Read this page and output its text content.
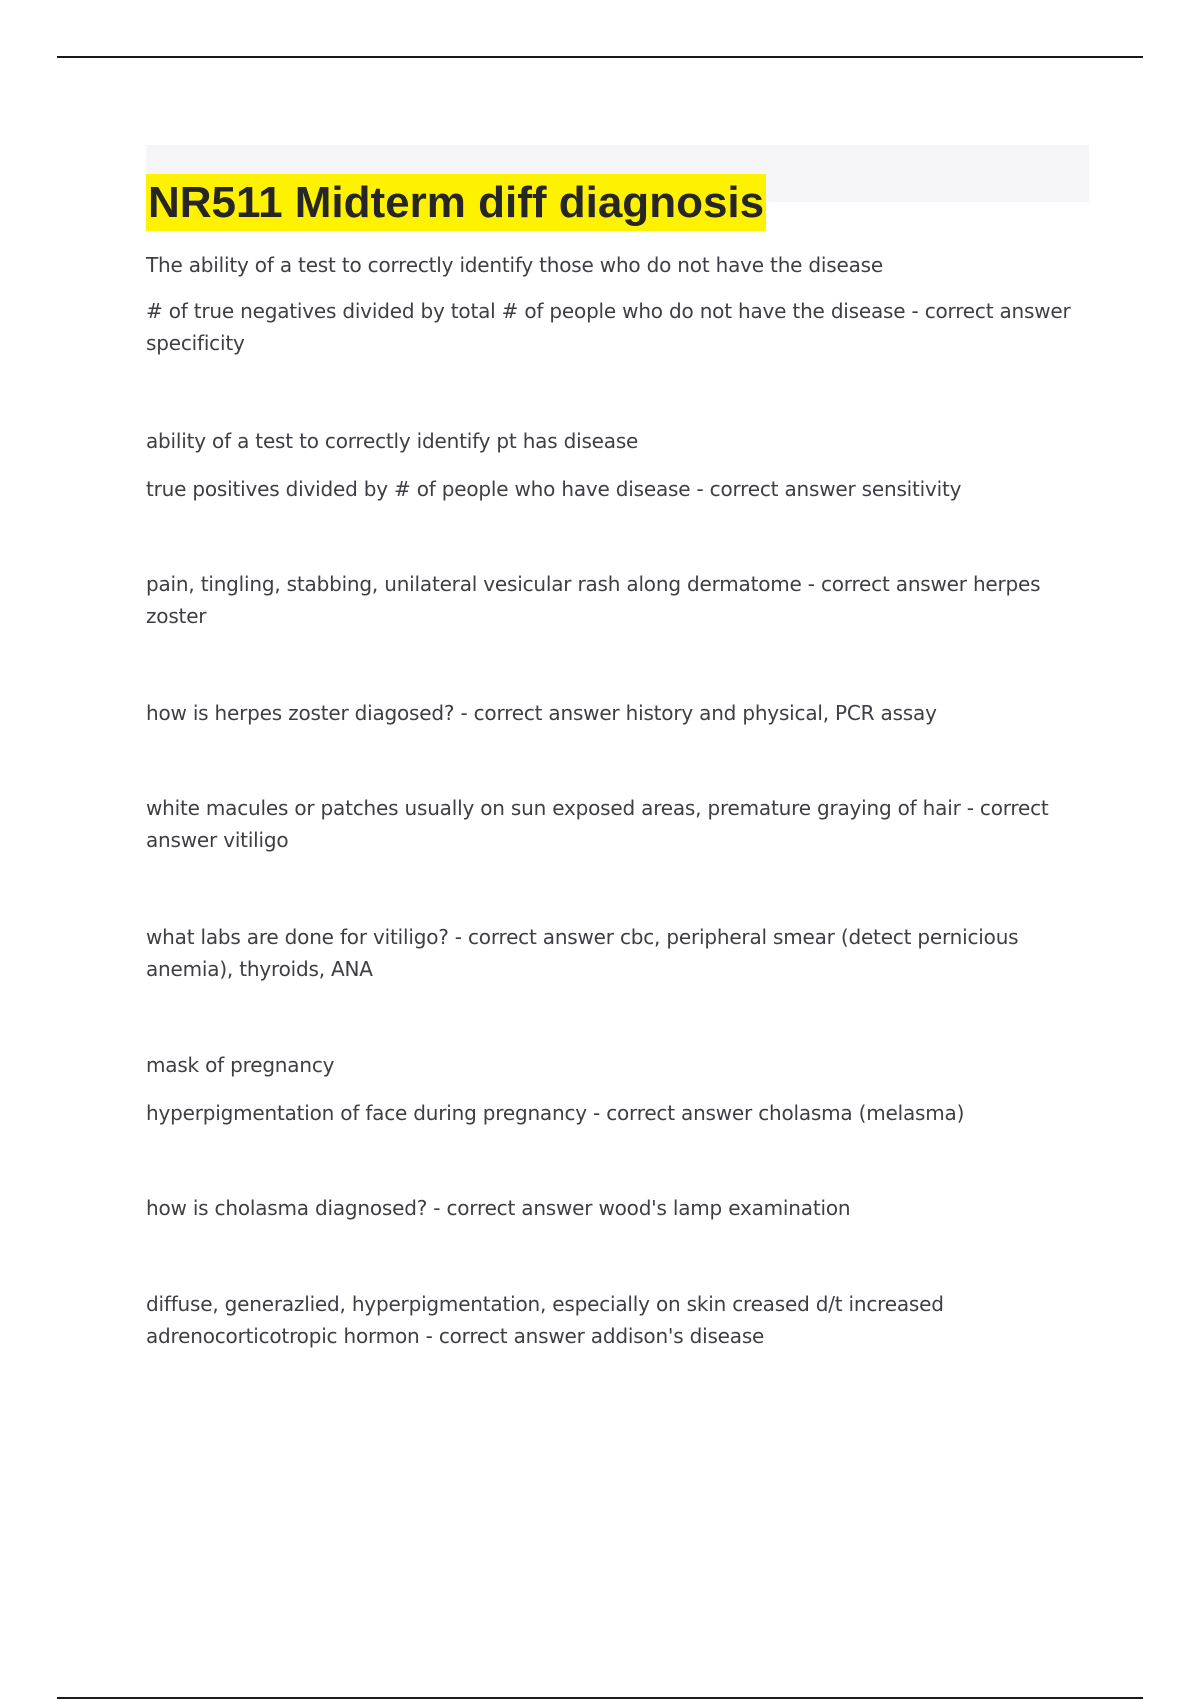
NR511 Midterm diff diagnosis

The ability of a test to correctly identify those who do not have the disease

# of true negatives divided by total # of people who do not have the disease - correct answer specificity

ability of a test to correctly identify pt has disease

true positives divided by # of people who have disease - correct answer sensitivity

pain, tingling, stabbing, unilateral vesicular rash along dermatome - correct answer herpes zoster

how is herpes zoster diagosed? - correct answer history and physical, PCR assay

white macules or patches usually on sun exposed areas, premature graying of hair - correct answer vitiligo

what labs are done for vitiligo? - correct answer cbc, peripheral smear (detect pernicious anemia), thyroids, ANA

mask of pregnancy

hyperpigmentation of face during pregnancy - correct answer cholasma (melasma)

how is cholasma diagnosed? - correct answer wood's lamp examination

diffuse, generazlied, hyperpigmentation, especially on skin creased d/t increased adrenocorticotropic hormon - correct answer addison's disease
